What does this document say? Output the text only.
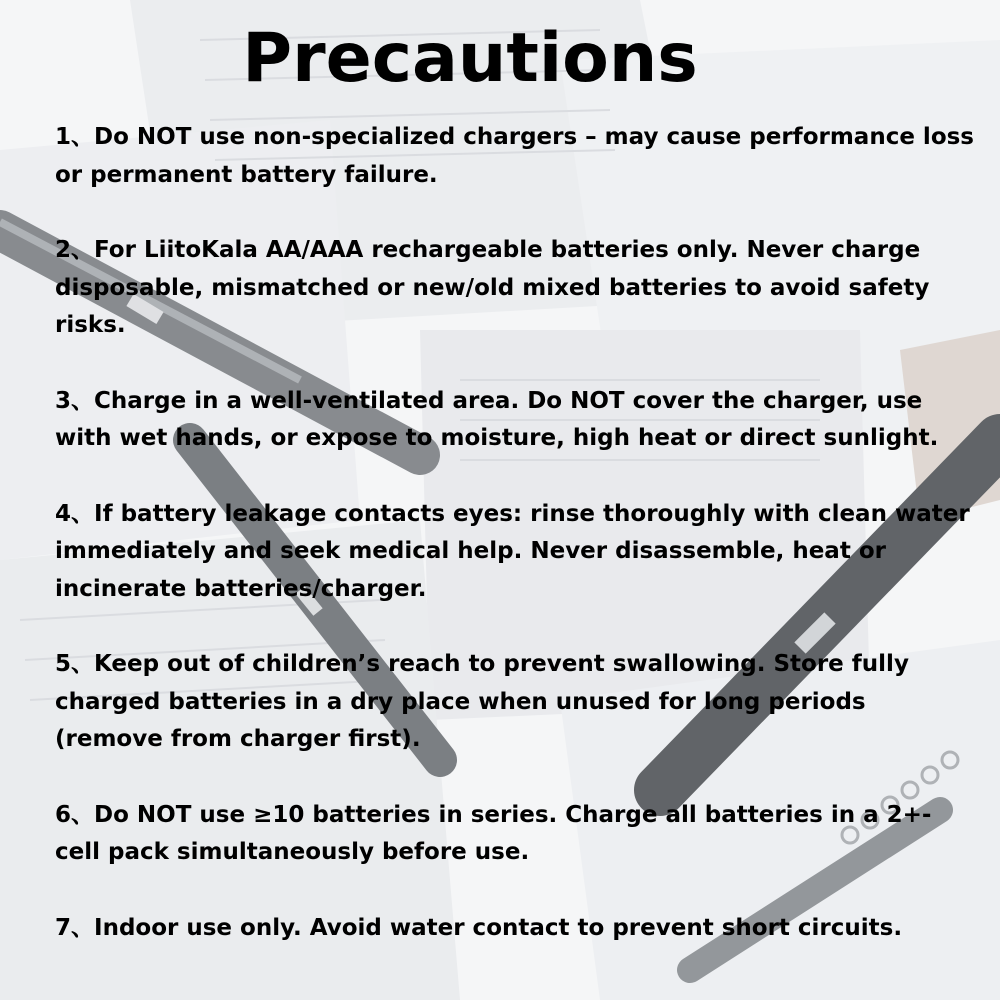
Precautions
1、Do NOT use non-specialized chargers – may cause performance loss or permanent battery failure.
2、For LiitoKala AA/AAA rechargeable batteries only. Never charge disposable, mismatched or new/old mixed batteries to avoid safety risks.
3、Charge in a well-ventilated area. Do NOT cover the charger, use with wet hands, or expose to moisture, high heat or direct sunlight.
4、If battery leakage contacts eyes: rinse thoroughly with clean water immediately and seek medical help. Never disassemble, heat or incinerate batteries/charger.
5、Keep out of children’s reach to prevent swallowing. Store fully charged batteries in a dry place when unused for long periods (remove from charger first).
6、Do NOT use ≥10 batteries in series. Charge all batteries in a 2+-cell pack simultaneously before use.
7、Indoor use only. Avoid water contact to prevent short circuits.
